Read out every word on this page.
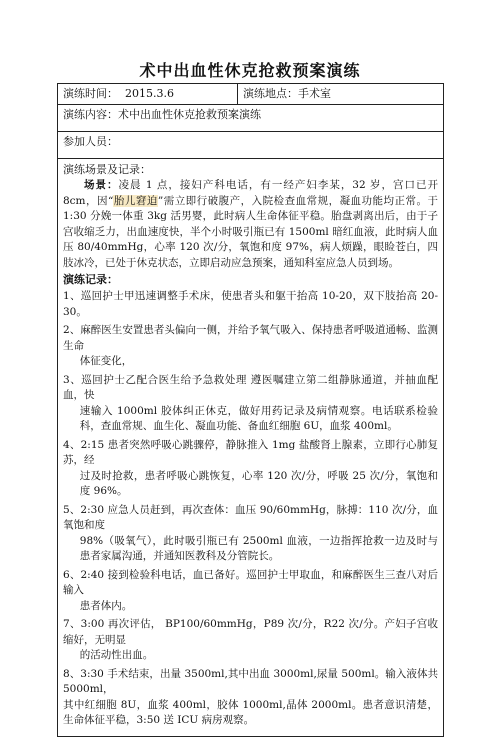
术中出血性休克抢救预案演练
演练时间： 2015.3.6	演练地点：手术室
演练内容：术中出血性休克抢救预案演练
参加人员：

演练场景及记录：

场景：凌晨 1 点，接妇产科电话，有一经产妇李某，32 岁，宫口已开 8cm，因“胎儿窘迫”需立即行破腹产，入院检查血常规，凝血功能均正常。于 1:30 分娩一体重 3kg 活男婴，此时病人生命体征平稳。胎盘剥离出后，由于子宫收缩乏力，出血速度快，半个小时吸引瓶已有 1500ml 暗红血液，此时病人血压 80/40mmHg，心率 120 次/分，氧饱和度 97%，病人烦躁，眼睑苍白，四肢冰冷，已处于休克状态，立即启动应急预案，通知科室应急人员到场。

演练记录：
1、巡回护士甲迅速调整手术床，使患者头和躯干抬高 10-20，双下肢抬高 20-30。
2、麻醉医生安置患者头偏向一侧，并给予氧气吸入、保持患者呼吸道通畅、监测生命
体征变化，
3、巡回护士乙配合医生给予急救处理 遵医嘱建立第二组静脉通道，并抽血配血，快
速输入 1000ml 胶体纠正休克，做好用药记录及病情观察。电话联系检验科，查血常规、血生化、凝血功能、备血红细胞 6U，血浆 400ml。
4、2:15 患者突然呼吸心跳骤停，静脉推入 1mg 盐酸肾上腺素，立即行心肺复苏，经
过及时抢救，患者呼吸心跳恢复，心率 120 次/分，呼吸 25 次/分，氧饱和度 96%。
5、2:30 应急人员赶到，再次查体：血压 90/60mmHg，脉搏：110 次/分，血氧饱和度
98%（吸氧气），此时吸引瓶已有 2500ml 血液，一边指挥抢救一边及时与患者家属沟通，并通知医教科及分管院长。
6、2:40 接到检验科电话，血已备好。巡回护士甲取血，和麻醉医生三查八对后输入
患者体内。
7、3:00 再次评估， BP100/60mmHg，P89 次/分，R22 次/分。产妇子宫收缩好，无明显
的活动性出血。
8、3:30 手术结束，出量 3500ml,其中出血 3000ml,尿量 500ml。输入液体共 5000ml，
其中红细胞 8U，血浆 400ml，胶体 1000ml,晶体 2000ml。患者意识清楚，生命体征平稳，3:50 送 ICU 病房观察。
